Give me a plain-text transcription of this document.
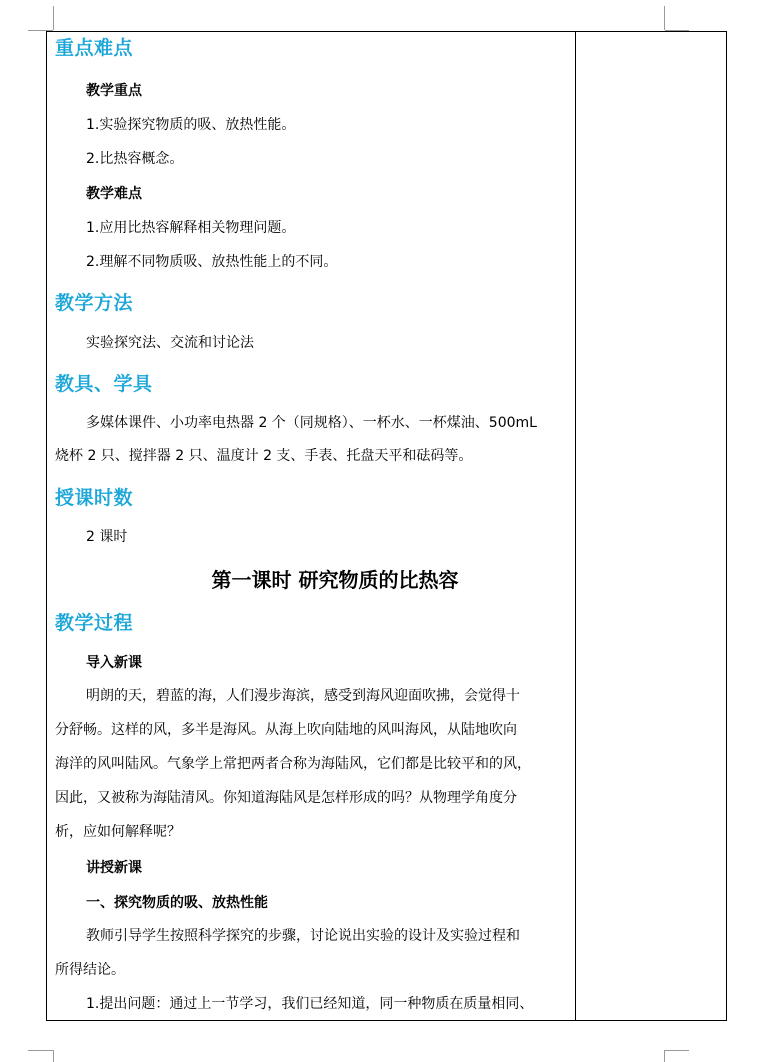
重点难点
教学重点
1.实验探究物质的吸、放热性能。
2.比热容概念。
教学难点
1.应用比热容解释相关物理问题。
2.理解不同物质吸、放热性能上的不同。
教学方法
实验探究法、交流和讨论法
教具、学具
多媒体课件、小功率电热器 2 个（同规格）、一杯水、一杯煤油、500mL
烧杯 2 只、搅拌器 2 只、温度计 2 支、手表、托盘天平和砝码等。
授课时数
2 课时
第一课时 研究物质的比热容
教学过程
导入新课
明朗的天，碧蓝的海，人们漫步海滨，感受到海风迎面吹拂，会觉得十
分舒畅。这样的风，多半是海风。从海上吹向陆地的风叫海风，从陆地吹向
海洋的风叫陆风。气象学上常把两者合称为海陆风，它们都是比较平和的风，
因此，又被称为海陆清风。你知道海陆风是怎样形成的吗？从物理学角度分
析，应如何解释呢？
讲授新课
一、探究物质的吸、放热性能
教师引导学生按照科学探究的步骤，讨论说出实验的设计及实验过程和
所得结论。
1.提出问题：通过上一节学习，我们已经知道，同一种物质在质量相同、
